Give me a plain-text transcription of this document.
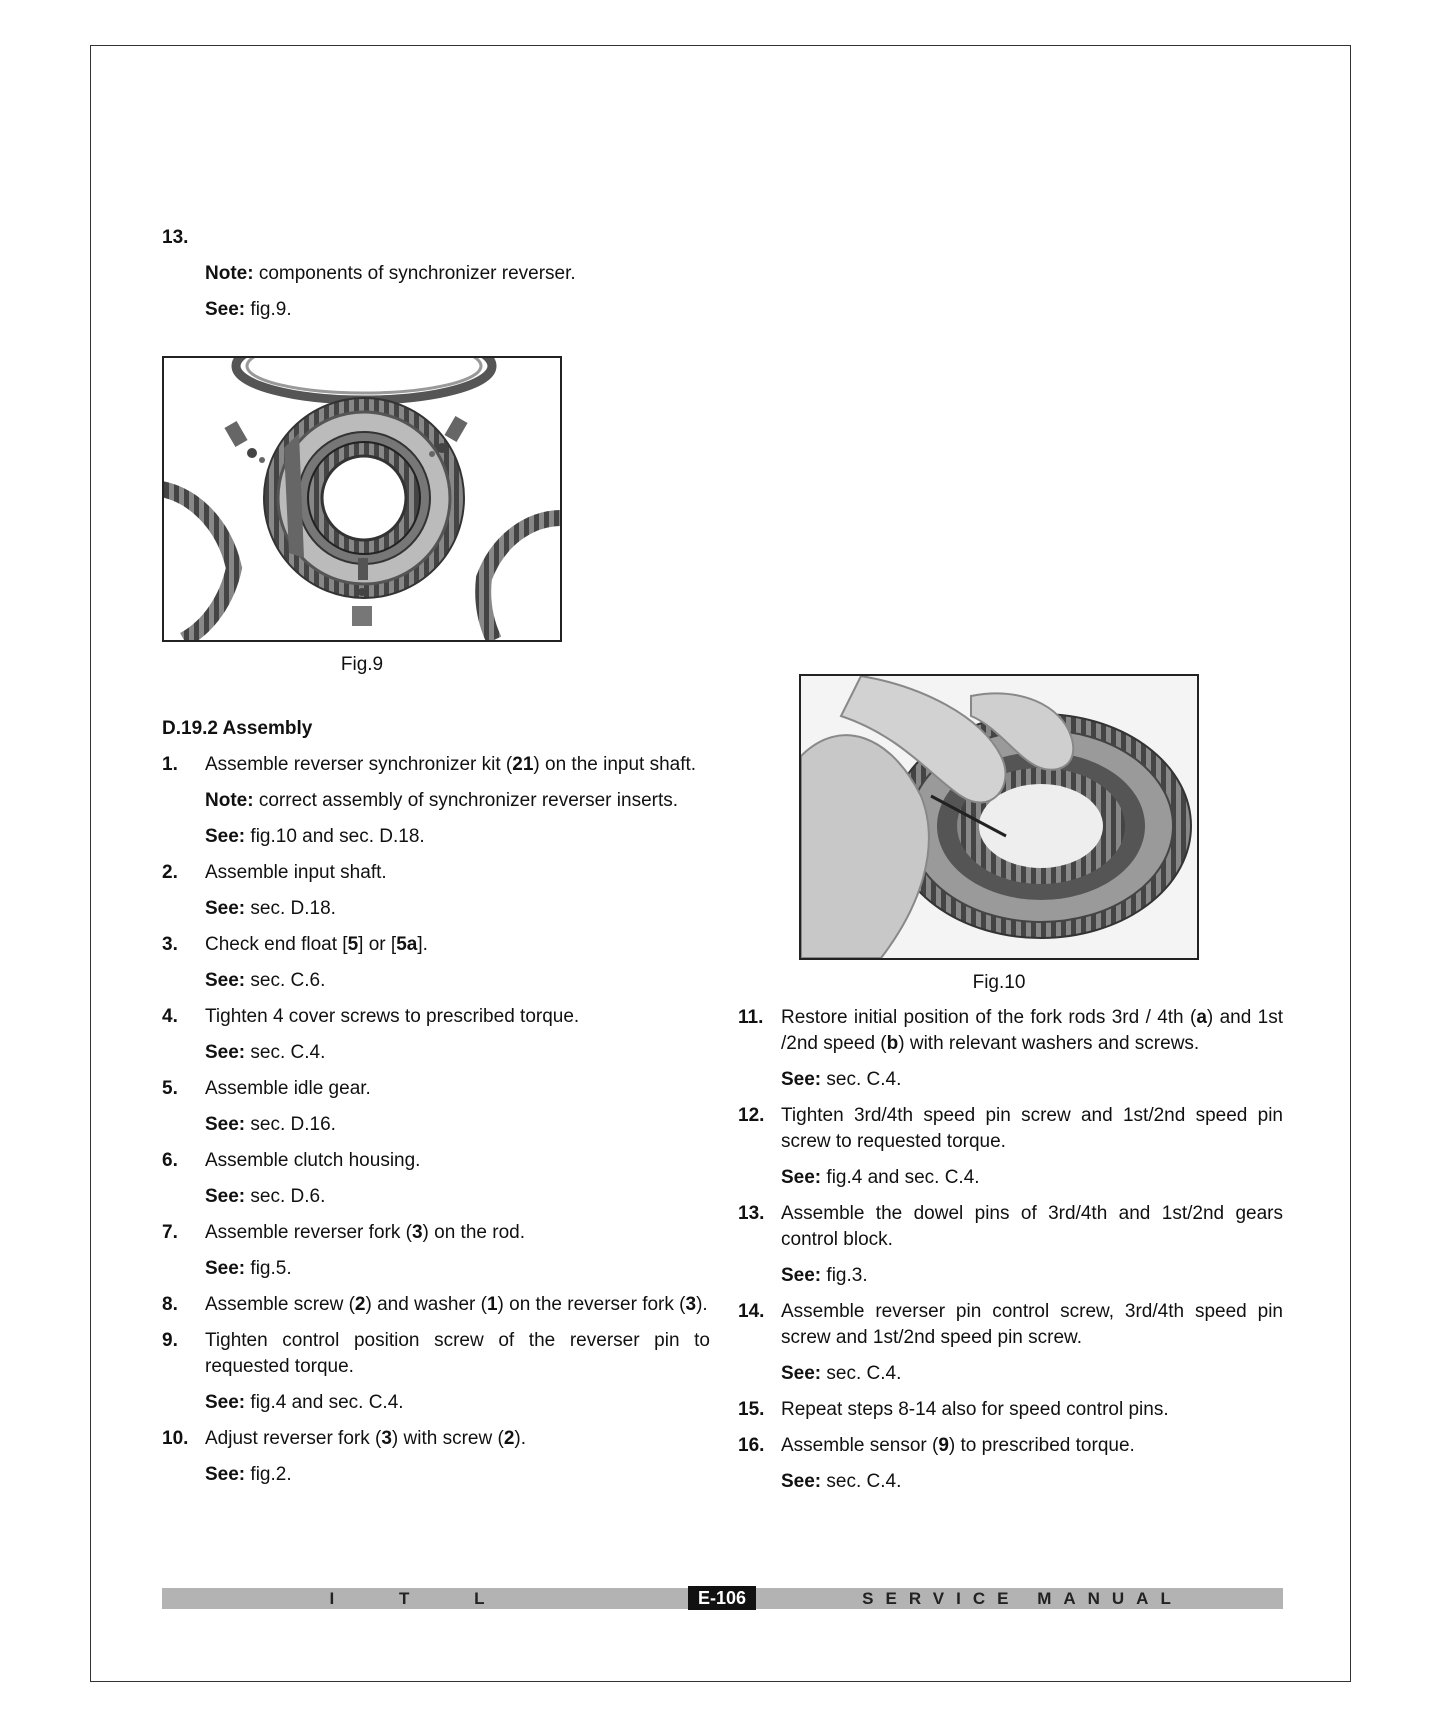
13.

Note: components of synchronizer reverser.
See: fig.9.
D.19.2 Assembly
1. Assemble reverser synchronizer kit (21) on the input shaft.
Note: correct assembly of synchronizer reverser inserts.
See: fig.10 and sec. D.18.
2. Assemble input shaft.
See: sec. D.18.
3. Check end float [5] or [5a].
See: sec. C.6.
4. Tighten 4 cover screws to prescribed torque.
See: sec. C.4.
5. Assemble idle gear.
See: sec. D.16.
6. Assemble clutch housing.
See: sec. D.6.
7. Assemble reverser fork (3) on the rod.
See: fig.5.
8. Assemble screw (2) and washer (1) on the reverser fork (3).
9. Tighten control position screw of the reverser pin to requested torque.
See: fig.4 and sec. C.4.
10. Adjust reverser fork (3) with screw (2).
See: fig.2.
Fig.9
Fig.10
11. Restore initial position of the fork rods 3rd / 4th (a) and 1st /2nd speed (b) with relevant washers and screws.
See: sec. C.4.
12. Tighten 3rd/4th speed pin screw and 1st/2nd speed pin screw to requested torque.
See: fig.4 and sec. C.4.
13. Assemble the dowel pins of 3rd/4th and 1st/2nd gears control block.
See: fig.3.
14. Assemble reverser pin control screw, 3rd/4th speed pin screw and 1st/2nd speed pin screw.
See: sec. C.4.
15. Repeat steps 8-14 also for speed control pins.
16. Assemble sensor (9) to prescribed torque.
See: sec. C.4.
I T L	E-106	SERVICE MANUAL
